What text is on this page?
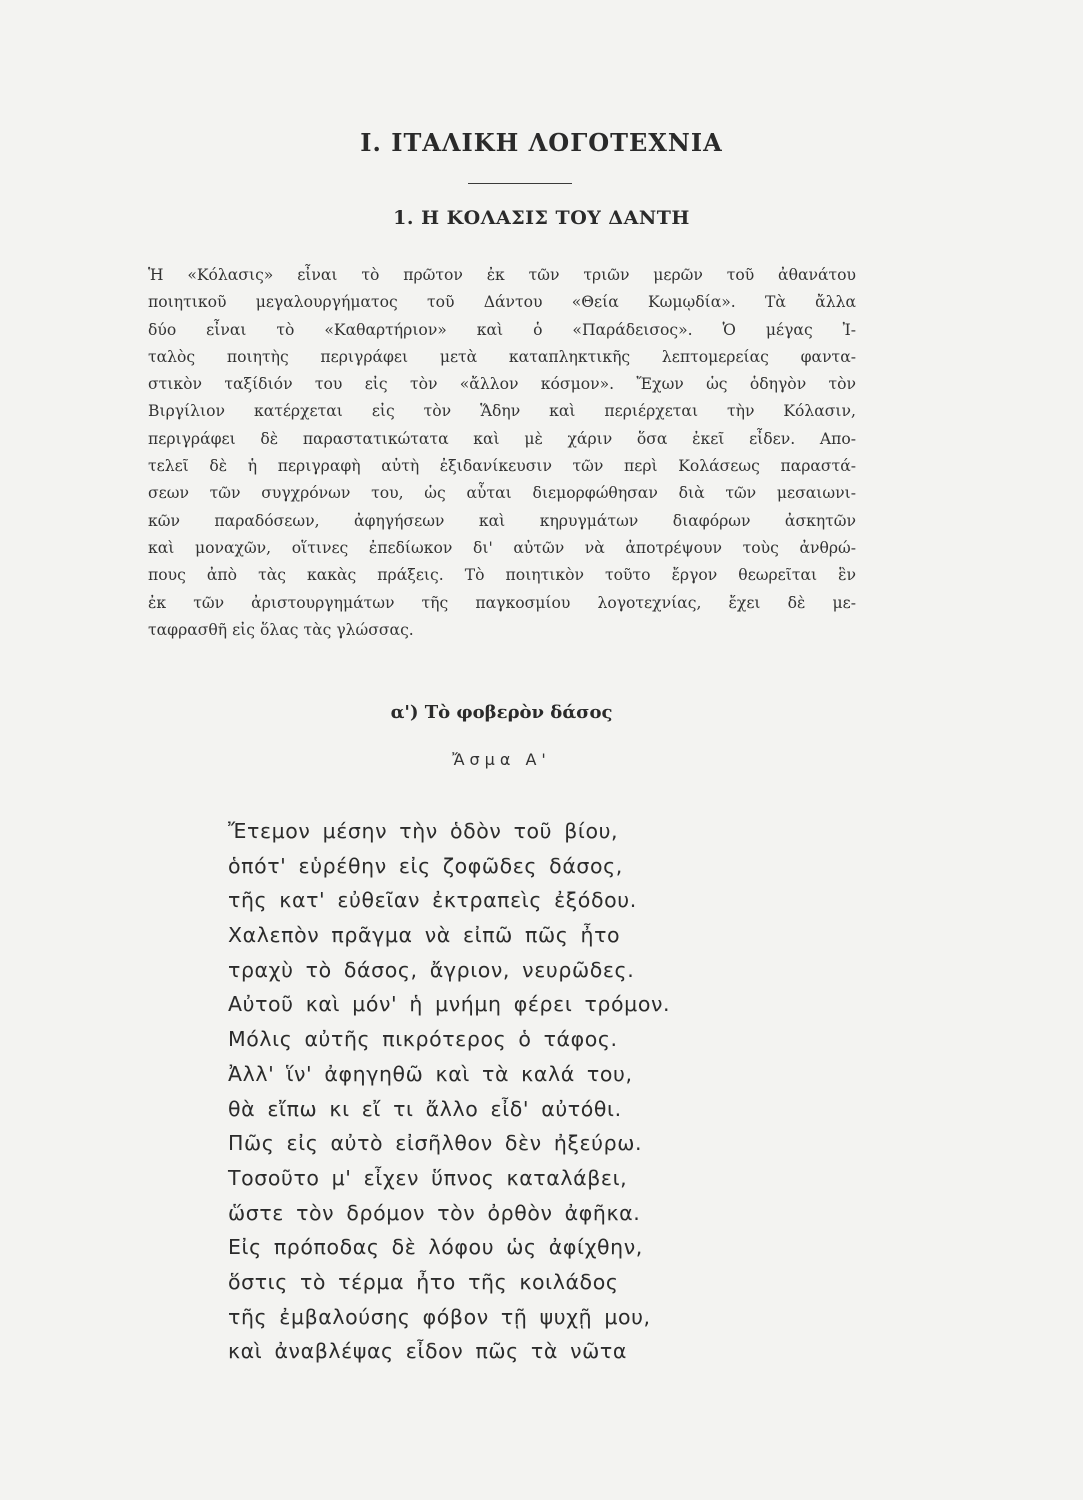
I. ΙΤΑΛΙΚΗ ΛΟΓΟΤΕΧΝΙΑ
1. Η ΚΟΛΑΣΙΣ ΤΟΥ ΔΑΝΤΗ
Ἡ «Κόλασις» εἶναι τὸ πρῶτον ἐκ τῶν τριῶν μερῶν τοῦ ἀθανάτου
ποιητικοῦ μεγαλουργήματος τοῦ Δάντου «Θεία Κωμῳδία». Τὰ ἄλλα
δύο εἶναι τὸ «Καθαρτήριον» καὶ ὁ «Παράδεισος». Ὁ μέγας Ἰ-
ταλὸς ποιητὴς περιγράφει μετὰ καταπληκτικῆς λεπτομερείας φαντα-
στικὸν ταξίδιόν του εἰς τὸν «ἄλλον κόσμον». Ἔχων ὡς ὁδηγὸν τὸν
Βιργίλιον κατέρχεται εἰς τὸν Ἅδην καὶ περιέρχεται τὴν Κόλασιν,
περιγράφει δὲ παραστατικώτατα καὶ μὲ χάριν ὅσα ἐκεῖ εἶδεν. Απο-
τελεῖ δὲ ἡ περιγραφὴ αὐτὴ ἐξιδανίκευσιν τῶν περὶ Κολάσεως παραστά-
σεων τῶν συγχρόνων του, ὡς αὗται διεμορφώθησαν διὰ τῶν μεσαιωνι-
κῶν παραδόσεων, ἀφηγήσεων καὶ κηρυγμάτων διαφόρων ἀσκητῶν
καὶ μοναχῶν, οἵτινες ἐπεδίωκον δι' αὐτῶν νὰ ἀποτρέψουν τοὺς ἀνθρώ-
πους ἀπὸ τὰς κακὰς πράξεις. Τὸ ποιητικὸν τοῦτο ἔργον θεωρεῖται ἓν
ἐκ τῶν ἀριστουργημάτων τῆς παγκοσμίου λογοτεχνίας, ἔχει δὲ με-
ταφρασθῆ εἰς ὅλας τὰς γλώσσας.
α') Τὸ φοβερὸν δάσος
Ἄσμα Α'
Ἔτεμον μέσην τὴν ὁδὸν τοῦ βίου,
ὁπότ' εὑρέθην εἰς ζοφῶδες δάσος,
τῆς κατ' εὐθεῖαν ἐκτραπεὶς ἐξόδου.
Χαλεπὸν πρᾶγμα νὰ εἰπῶ πῶς ἦτο
τραχὺ τὸ δάσος, ἄγριον, νευρῶδες.
Αὐτοῦ καὶ μόν' ἡ μνήμη φέρει τρόμον.
Μόλις αὐτῆς πικρότερος ὁ τάφος.
Ἀλλ' ἵν' ἀφηγηθῶ καὶ τὰ καλά του,
θὰ εἴπω κι εἴ τι ἄλλο εἶδ' αὐτόθι.
Πῶς εἰς αὐτὸ εἰσῆλθον δὲν ἠξεύρω.
Τοσοῦτο μ' εἶχεν ὕπνος καταλάβει,
ὥστε τὸν δρόμον τὸν ὀρθὸν ἀφῆκα.
Εἰς πρόποδας δὲ λόφου ὡς ἀφίχθην,
ὅστις τὸ τέρμα ἦτο τῆς κοιλάδος
τῆς ἐμβαλούσης φόβον τῇ ψυχῇ μου,
καὶ ἀναβλέψας εἶδον πῶς τὰ νῶτα
